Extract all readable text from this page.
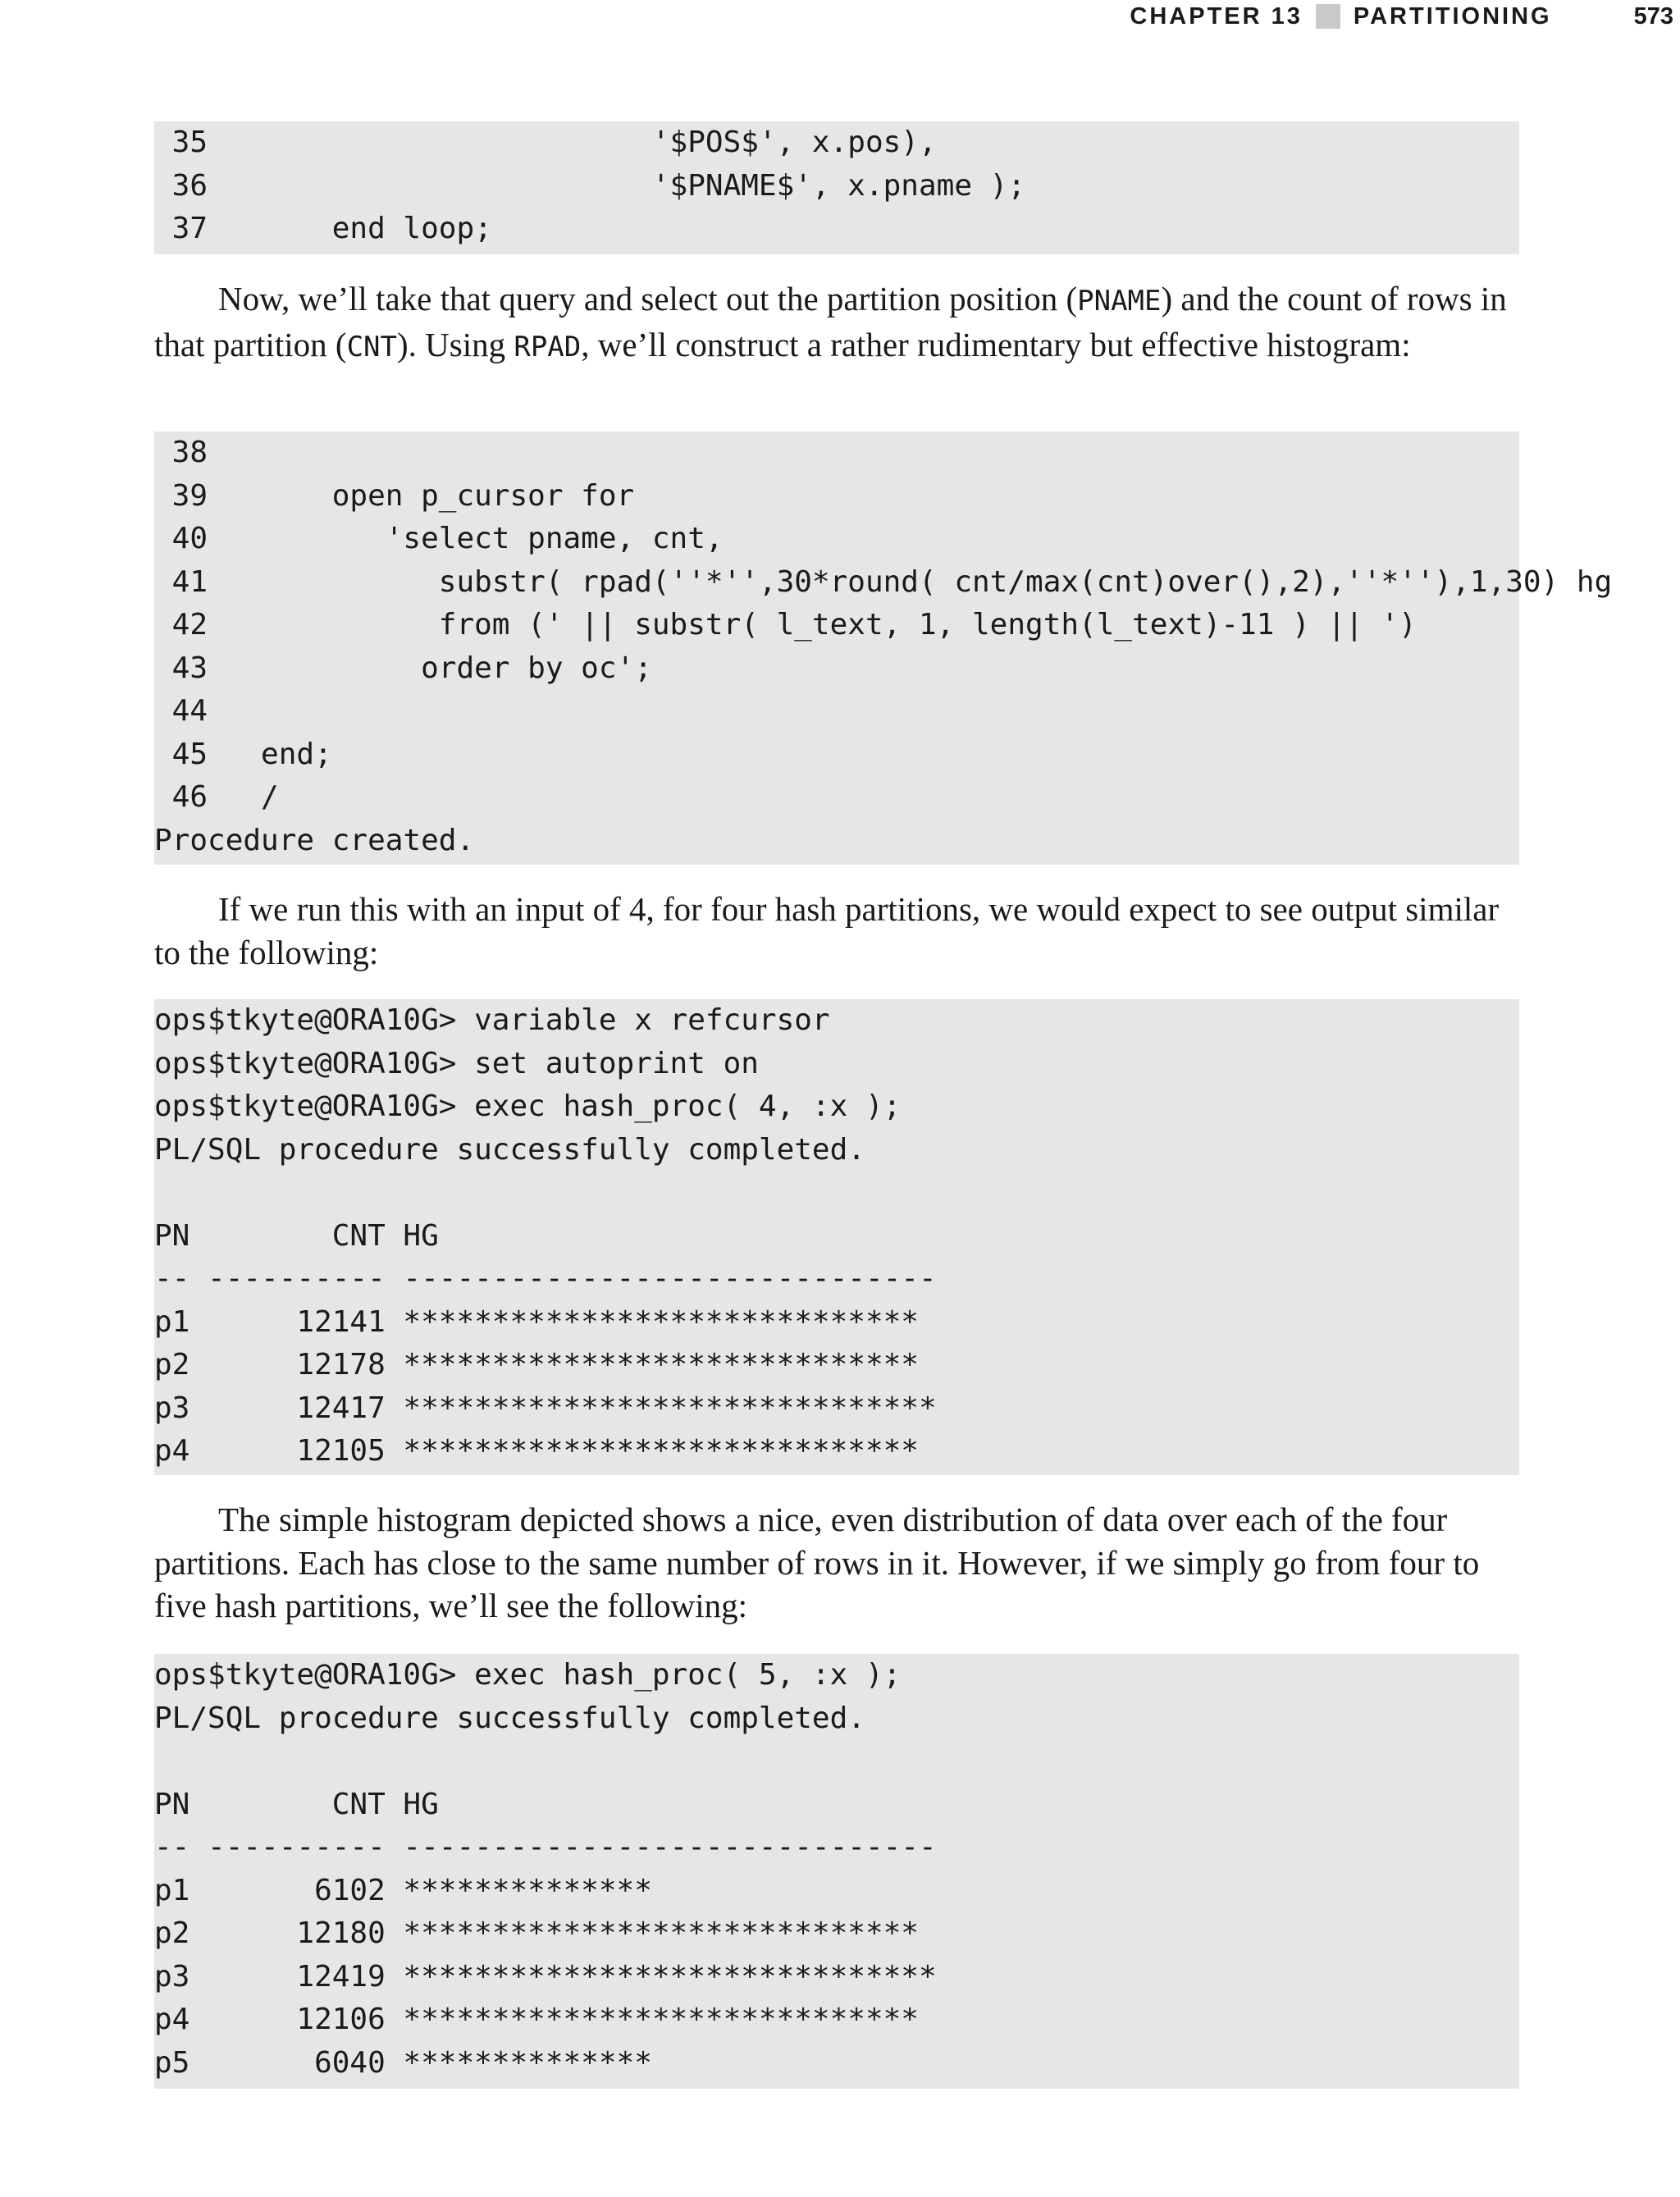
CHAPTER 13 PARTITIONING	573
35                         '$POS$', x.pos),
36                         '$PNAME$', x.pname );
37       end loop;

Now, we’ll take that query and select out the partition position (PNAME) and the count of rows in that partition (CNT). Using RPAD, we’ll construct a rather rudimentary but effective histogram:

38
39       open p_cursor for
40          'select pname, cnt,
41             substr( rpad(''*'',30*round( cnt/max(cnt)over(),2),''*''),1,30) hg
42             from (' || substr( l_text, 1, length(l_text)-11 ) || ')
43            order by oc';
44
45   end;
46   /
Procedure created.

If we run this with an input of 4, for four hash partitions, we would expect to see output similar to the following:

ops$tkyte@ORA10G> variable x refcursor
ops$tkyte@ORA10G> set autoprint on
ops$tkyte@ORA10G> exec hash_proc( 4, :x );
PL/SQL procedure successfully completed.

PN        CNT HG
-- ---------- ------------------------------
p1      12141 *****************************
p2      12178 *****************************
p3      12417 ******************************
p4      12105 *****************************

The simple histogram depicted shows a nice, even distribution of data over each of the four partitions. Each has close to the same number of rows in it. However, if we simply go from four to five hash partitions, we’ll see the following:

ops$tkyte@ORA10G> exec hash_proc( 5, :x );
PL/SQL procedure successfully completed.

PN        CNT HG
-- ---------- ------------------------------
p1       6102 **************
p2      12180 *****************************
p3      12419 ******************************
p4      12106 *****************************
p5       6040 **************
